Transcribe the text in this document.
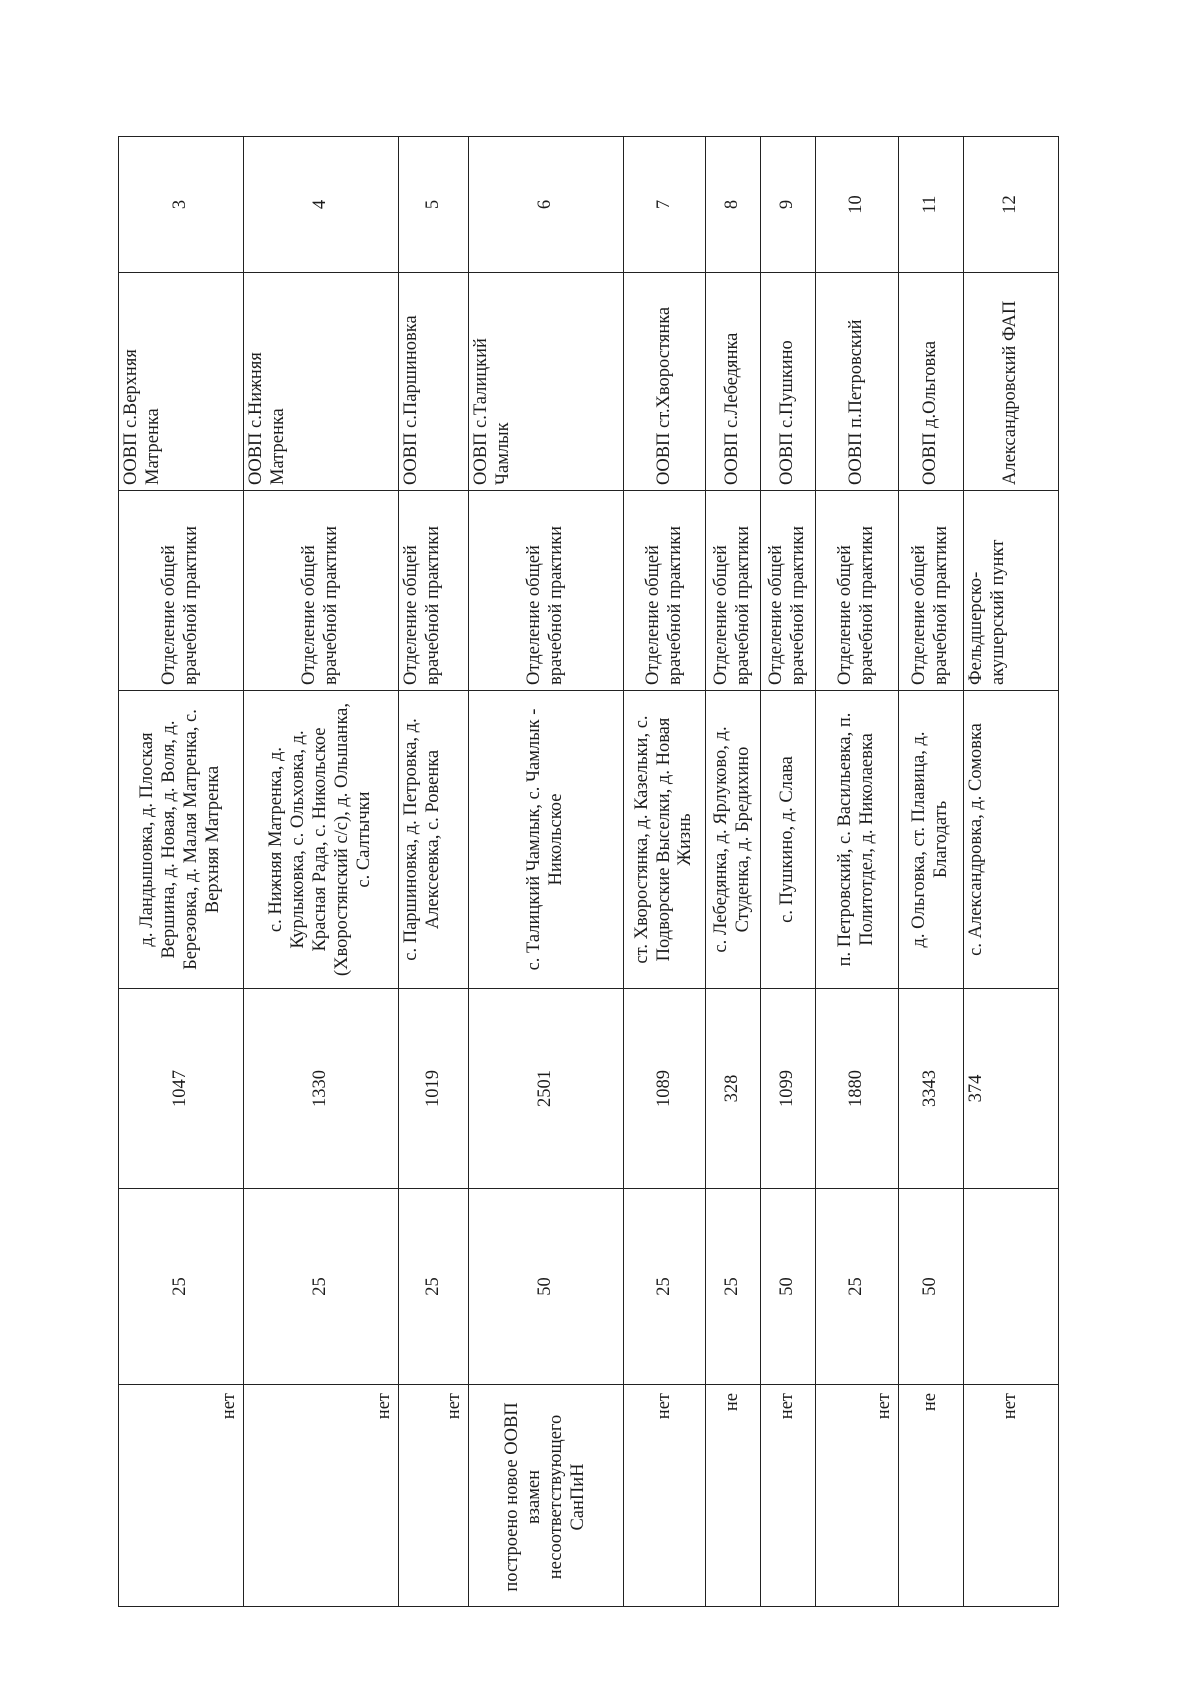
нет	25	1047	д. Ландышовка, д. Плоская Вершина, д. Новая, д. Воля, д. Березовка, д. Малая Матренка, с. Верхняя Матренка	Отделение общей врачебной практики	ООВП с.Верхняя Матренка	3
нет	25	1330	с. Нижняя Матренка, д. Курлыковка, с. Ольховка, д. Красная Рада, с. Никольское (Хворостянский с/с), д. Ольшанка, с. Салтычки	Отделение общей врачебной практики	ООВП с.Нижняя Матренка	4
нет	25	1019	с. Паршиновка, д. Петровка, д. Алексеевка, с. Ровенка	Отделение общей врачебной практики	ООВП с.Паршиновка	5
построено новое ООВП взамен несоответствующего СанПиН	50	2501	с. Талицкий Чамлык, с. Чамлык - Никольское	Отделение общей врачебной практики	ООВП с.Талицкий Чамлык	6
нет	25	1089	ст. Хворостянка, д. Казельки, с. Подворские Выселки, д. Новая Жизнь	Отделение общей врачебной практики	ООВП ст.Хворостянка	7
не	25	328	с. Лебедянка, д. Ярлуково, д. Студенка, д. Бредихино	Отделение общей врачебной практики	ООВП с.Лебедянка	8
нет	50	1099	с. Пушкино, д. Слава	Отделение общей врачебной практики	ООВП с.Пушкино	9
нет	25	1880	п. Петровский, с. Васильевка, п. Политотдел, д. Николаевка	Отделение общей врачебной практики	ООВП п.Петровский	10
не	50	3343	д. Ольговка, ст. Плавица, д. Благодать	Отделение общей врачебной практики	ООВП д.Ольговка	11
нет		374	с. Александровка, д. Сомовка	Фельдшерско-акушерский пункт	Александровский ФАП	12
